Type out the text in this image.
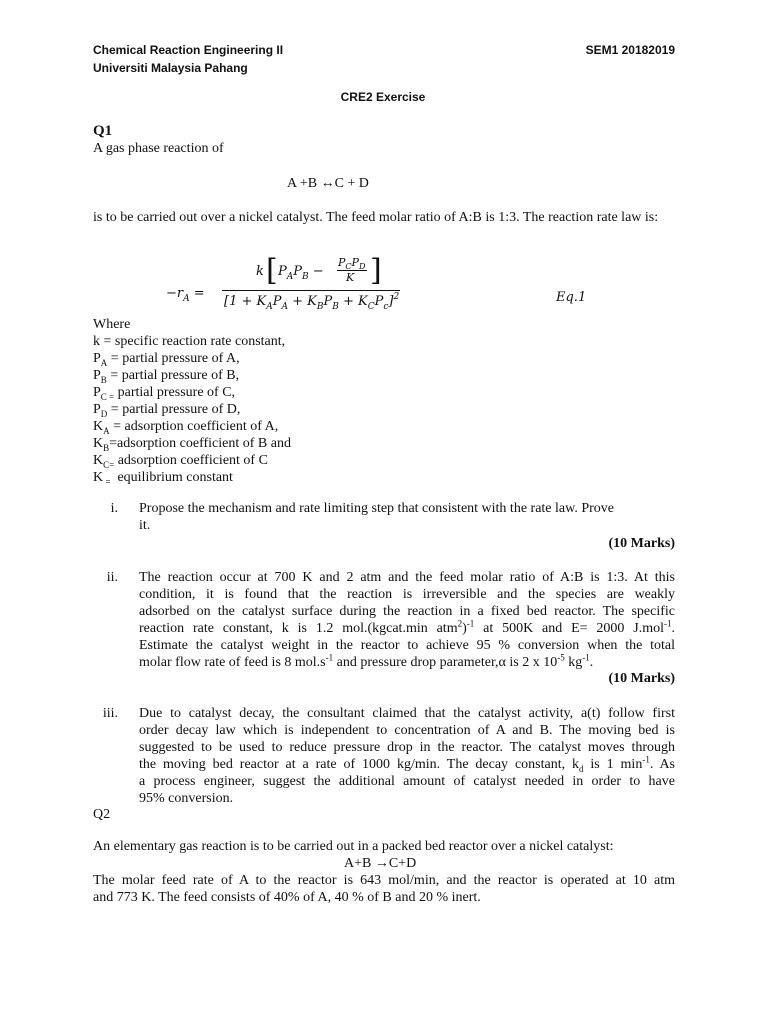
Chemical Reaction Engineering II
Universiti Malaysia Pahang
SEM1 20182019
CRE2 Exercise
Q1
A gas phase reaction of
A +B ↔C + D
is to be carried out over a nickel catalyst. The feed molar ratio of A:B is 1:3. The reaction rate law is:
$-r_A$ =
k [ $P_AP_B$ −
$P_CP_D$
K ]
$[1 + K_AP_A + K_BP_B + K_CP_c]^2$	Eq.1
Where
k = specific reaction rate constant,
$P_A$ = partial pressure of A,
$P_B$ = partial pressure of B,
$P_{C =}$ partial pressure of C,
$P_D$ = partial pressure of D,
$K_A$ = adsorption coefficient of A,
$K_B=adsorption$ coefficient of B and
$K_{C=}$ adsorption coefficient of C
K $_=$ equilibrium constant
i. Propose the mechanism and rate limiting step that consistent with the rate law. Prove
it.
(10 Marks)
ii. The reaction occur at 700 K and 2 atm and the feed molar ratio of A:B is 1:3. At this
condition, it is found that the reaction is irreversible and the species are weakly
adsorbed on the catalyst surface during the reaction in a fixed bed reactor. The specific
reaction rate constant, k is 1.2 mol.(kgcat.min atm$^2$)$^{-1}$ at 500K and E= 2000 J.mol$^{-1}$.
Estimate the catalyst weight in the reactor to achieve 95 % conversion when the total
molar flow rate of feed is 8 $mol.s^{-1}$ and pressure drop parameter,α is 2 x $10^{-5}$ $kg^{-1}$.
(10 Marks)
iii. Due to catalyst decay, the consultant claimed that the catalyst activity, a(t) follow first
order decay law which is independent to concentration of A and B. The moving bed is
suggested to be used to reduce pressure drop in the reactor. The catalyst moves through
the moving bed reactor at a rate of 1000 kg/min. The decay constant, $k_d$ is 1 $\min^{-1}$. As
a process engineer, suggest the additional amount of catalyst needed in order to have
95% conversion.
Q2
An elementary gas reaction is to be carried out in a packed bed reactor over a nickel catalyst:
A+B →C+D
The molar feed rate of A to the reactor is 643 mol/min, and the reactor is operated at 10 atm
and 773 K. The feed consists of 40% of A, 40 % of B and 20 % inert.
